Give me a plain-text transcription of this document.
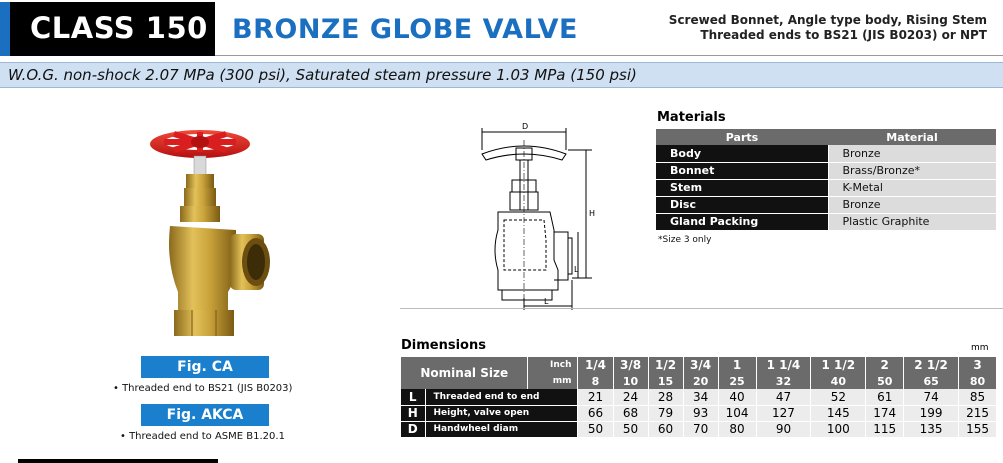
CLASS 150 BRONZE GLOBE VALVE	Screwed Bonnet, Angle type body, Rising Stem
Threaded ends to BS21 (JIS B0203) or NPT
W.O.G. non-shock 2.07 MPa (300 psi), Saturated steam pressure 1.03 MPa (150 psi)
Fig. CA
• Threaded end to BS21 (JIS B0203)
Fig. AKCA
• Threaded end to ASME B1.20.1
D
H
L
L
Materials
Parts	Material
Body	Bronze
Bonnet	Brass/Bronze*
Stem	K-Metal
Disc	Bronze
Gland Packing	Plastic Graphite
*Size 3 only
Dimensions	mm
Nominal Size		Inch	1/4	3/8	1/2	3/4	1	1 1/4	1 1/2	2	2 1/2	3
		mm	8	10	15	20	25	32	40	50	65	80
L	Threaded end to end		21	24	28	34	40	47	52	61	74	85
H	Height, valve open		66	68	79	93	104	127	145	174	199	215
D	Handwheel diam		50	50	60	70	80	90	100	115	135	155
